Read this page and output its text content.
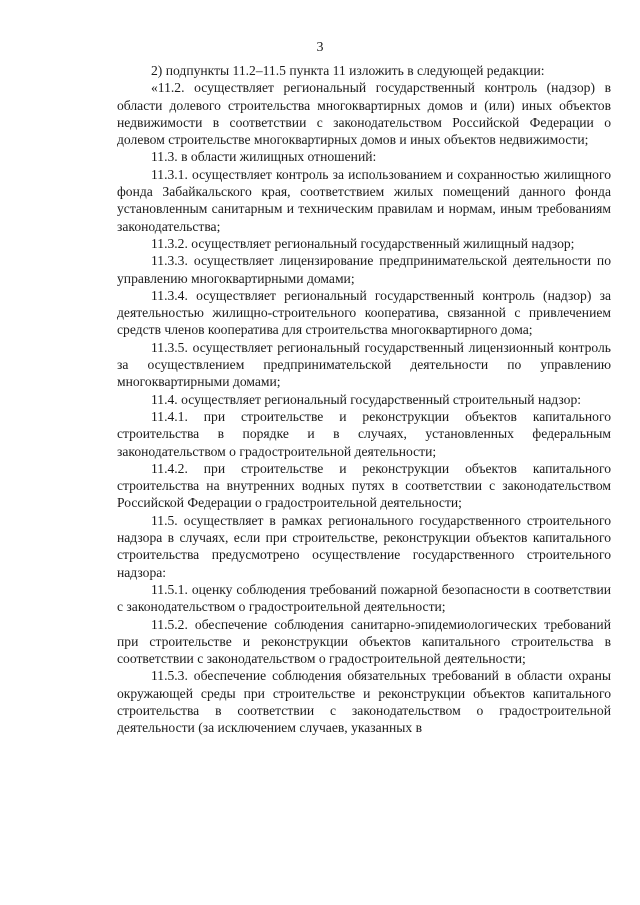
3

2) подпункты 11.2–11.5 пункта 11 изложить в следующей редакции:

«11.2. осуществляет региональный государственный контроль (надзор) в области долевого строительства многоквартирных домов и (или) иных объектов недвижимости в соответствии с законодательством Российской Федерации о долевом строительстве многоквартирных домов и иных объектов недвижимости;

11.3. в области жилищных отношений:

11.3.1. осуществляет контроль за использованием и сохранностью жилищного фонда Забайкальского края, соответствием жилых помещений данного фонда установленным санитарным и техническим правилам и нормам, иным требованиям законодательства;

11.3.2. осуществляет региональный государственный жилищный надзор;

11.3.3. осуществляет лицензирование предпринимательской деятельности по управлению многоквартирными домами;

11.3.4. осуществляет региональный государственный контроль (надзор) за деятельностью жилищно-строительного кооператива, связанной с привлечением средств членов кооператива для строительства многоквартирного дома;

11.3.5. осуществляет региональный государственный лицензионный контроль за осуществлением предпринимательской деятельности по управлению многоквартирными домами;

11.4. осуществляет региональный государственный строительный надзор:

11.4.1. при строительстве и реконструкции объектов капитального строительства в порядке и в случаях, установленных федеральным законодательством о градостроительной деятельности;

11.4.2. при строительстве и реконструкции объектов капитального строительства на внутренних водных путях в соответствии с законодательством Российской Федерации о градостроительной деятельности;

11.5. осуществляет в рамках регионального государственного строительного надзора в случаях, если при строительстве, реконструкции объектов капитального строительства предусмотрено осуществление государственного строительного надзора:

11.5.1. оценку соблюдения требований пожарной безопасности в соответствии с законодательством о градостроительной деятельности;

11.5.2. обеспечение соблюдения санитарно-эпидемиологических требований при строительстве и реконструкции объектов капитального строительства в соответствии с законодательством о градостроительной деятельности;

11.5.3. обеспечение соблюдения обязательных требований в области охраны окружающей среды при строительстве и реконструкции объектов капитального строительства в соответствии с законодательством о градостроительной деятельности (за исключением случаев, указанных в
